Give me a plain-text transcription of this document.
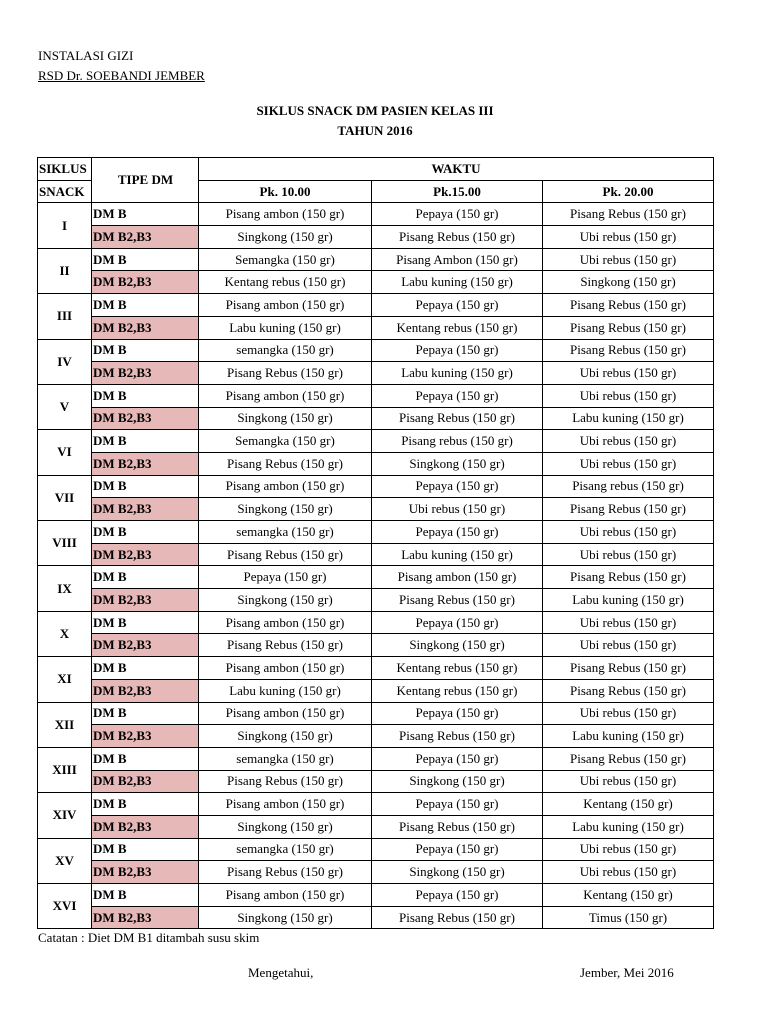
INSTALASI GIZI
RSD Dr. SOEBANDI JEMBER
SIKLUS SNACK DM PASIEN KELAS III
TAHUN 2016
SIKLUS	TIPE DM	WAKTU		
SNACK		Pk. 10.00	Pk.15.00	Pk. 20.00
I	DM B	Pisang ambon (150 gr)	Pepaya (150 gr)	Pisang Rebus (150 gr)
	DM B2,B3	Singkong (150 gr)	Pisang Rebus (150 gr)	Ubi rebus (150 gr)
II	DM B	Semangka (150 gr)	Pisang Ambon (150 gr)	Ubi rebus (150 gr)
	DM B2,B3	Kentang rebus (150 gr)	Labu kuning (150 gr)	Singkong (150 gr)
III	DM B	Pisang ambon (150 gr)	Pepaya (150 gr)	Pisang Rebus (150 gr)
	DM B2,B3	Labu kuning (150 gr)	Kentang rebus (150 gr)	Pisang Rebus (150 gr)
IV	DM B	semangka (150 gr)	Pepaya (150 gr)	Pisang Rebus (150 gr)
	DM B2,B3	Pisang Rebus (150 gr)	Labu kuning (150 gr)	Ubi rebus (150 gr)
V	DM B	Pisang ambon (150 gr)	Pepaya (150 gr)	Ubi rebus (150 gr)
	DM B2,B3	Singkong (150 gr)	Pisang Rebus (150 gr)	Labu kuning (150 gr)
VI	DM B	Semangka (150 gr)	Pisang rebus (150 gr)	Ubi rebus (150 gr)
	DM B2,B3	Pisang Rebus (150 gr)	Singkong (150 gr)	Ubi rebus (150 gr)
VII	DM B	Pisang ambon (150 gr)	Pepaya (150 gr)	Pisang rebus (150 gr)
	DM B2,B3	Singkong (150 gr)	Ubi rebus (150 gr)	Pisang Rebus (150 gr)
VIII	DM B	semangka (150 gr)	Pepaya (150 gr)	Ubi rebus (150 gr)
	DM B2,B3	Pisang Rebus (150 gr)	Labu kuning (150 gr)	Ubi rebus (150 gr)
IX	DM B	Pepaya (150 gr)	Pisang ambon (150 gr)	Pisang Rebus (150 gr)
	DM B2,B3	Singkong (150 gr)	Pisang Rebus (150 gr)	Labu kuning (150 gr)
X	DM B	Pisang ambon (150 gr)	Pepaya (150 gr)	Ubi rebus (150 gr)
	DM B2,B3	Pisang Rebus (150 gr)	Singkong (150 gr)	Ubi rebus (150 gr)
XI	DM B	Pisang ambon (150 gr)	Kentang rebus (150 gr)	Pisang Rebus (150 gr)
	DM B2,B3	Labu kuning (150 gr)	Kentang rebus (150 gr)	Pisang Rebus (150 gr)
XII	DM B	Pisang ambon (150 gr)	Pepaya (150 gr)	Ubi rebus (150 gr)
	DM B2,B3	Singkong (150 gr)	Pisang Rebus (150 gr)	Labu kuning (150 gr)
XIII	DM B	semangka (150 gr)	Pepaya (150 gr)	Pisang Rebus (150 gr)
	DM B2,B3	Pisang Rebus (150 gr)	Singkong (150 gr)	Ubi rebus (150 gr)
XIV	DM B	Pisang ambon (150 gr)	Pepaya (150 gr)	Kentang (150 gr)
	DM B2,B3	Singkong (150 gr)	Pisang Rebus (150 gr)	Labu kuning (150 gr)
XV	DM B	semangka (150 gr)	Pepaya (150 gr)	Ubi rebus (150 gr)
	DM B2,B3	Pisang Rebus (150 gr)	Singkong (150 gr)	Ubi rebus (150 gr)
XVI	DM B	Pisang ambon (150 gr)	Pepaya (150 gr)	Kentang (150 gr)
	DM B2,B3	Singkong (150 gr)	Pisang Rebus (150 gr)	Timus (150 gr)
Catatan : Diet DM B1 ditambah susu skim
Mengetahui,	Jember, Mei 2016
